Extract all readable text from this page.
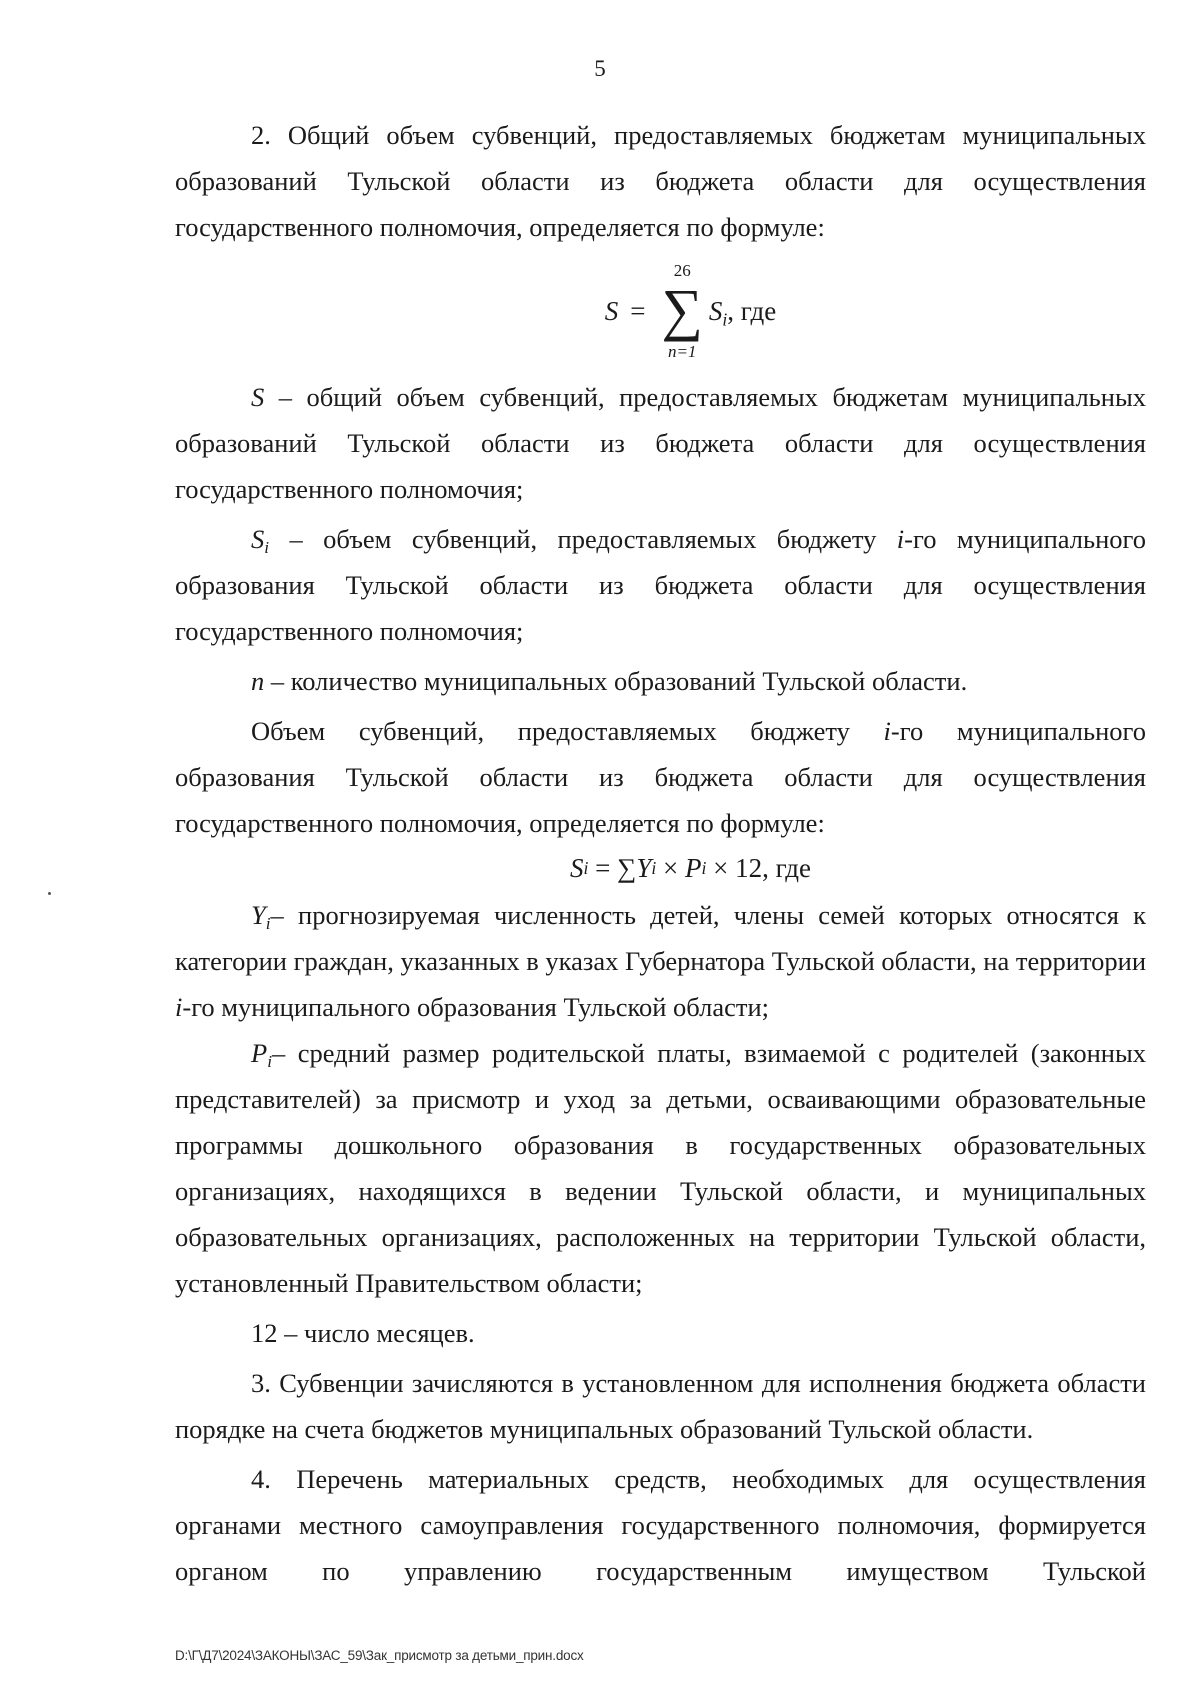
5

2. Общий объем субвенций, предоставляемых бюджетам муниципальных образований Тульской области из бюджета области для осуществления государственного полномочия, определяется по формуле:

S =
26
∑
n=1
$S_i$ , где

S – общий объем субвенций, предоставляемых бюджетам муниципальных образований Тульской области из бюджета области для осуществления государственного полномочия;

$S_i$ – объем субвенций, предоставляемых бюджету i-го муниципального образования Тульской области из бюджета области для осуществления государственного полномочия;

n – количество муниципальных образований Тульской области.

Объем субвенций, предоставляемых бюджету i-го муниципального образования Тульской области из бюджета области для осуществления государственного полномочия, определяется по формуле:

S i = ∑ Y i × P i × 12, где

$Y_i-$ прогнозируемая численность детей, члены семей которых относятся к категории граждан, указанных в указах Губернатора Тульской области, на территории i-го муниципального образования Тульской области;

$P_i-$ средний размер родительской платы, взимаемой с родителей (законных представителей) за присмотр и уход за детьми, осваивающими образовательные программы дошкольного образования в государственных образовательных организациях, находящихся в ведении Тульской области, и муниципальных образовательных организациях, расположенных на территории Тульской области, установленный Правительством области;

12 – число месяцев.

3. Субвенции зачисляются в установленном для исполнения бюджета области порядке на счета бюджетов муниципальных образований Тульской области.

4. Перечень материальных средств, необходимых для осуществления органами местного самоуправления государственного полномочия, формируется органом по управлению государственным имуществом Тульской

D:\Г\Д7\2024\ЗАКОНЫ\ЗАС_59\Зак_присмотр за детьми_прин.docx
